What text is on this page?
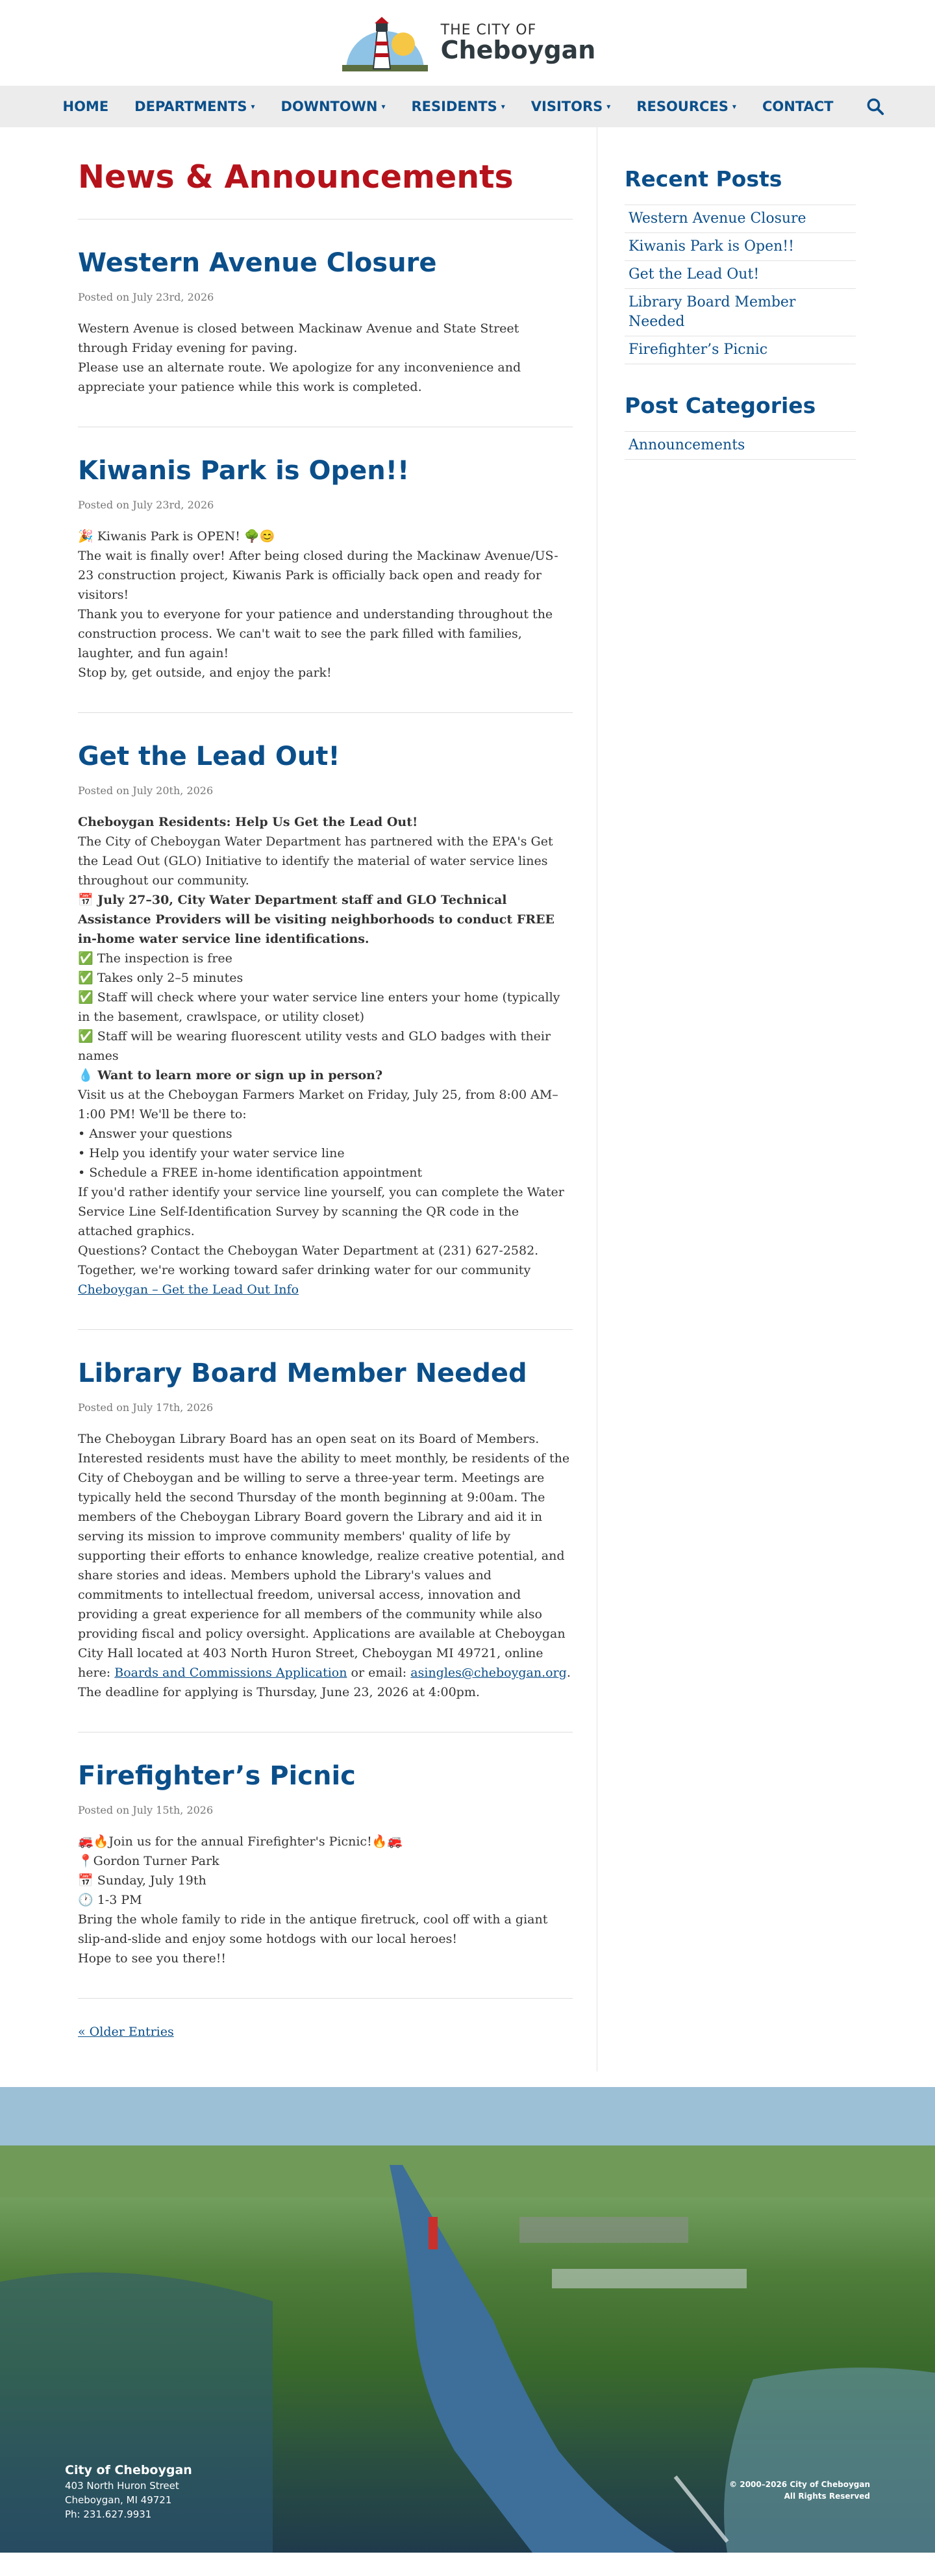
THE CITY OF
Cheboygan
HOME DEPARTMENTS ▾ DOWNTOWN ▾ RESIDENTS ▾ VISITORS ▾ RESOURCES ▾ CONTACT
News & Announcements
Western Avenue Closure
Posted on July 23rd, 2026

Western Avenue is closed between Mackinaw Avenue and State Street through Friday evening for paving.

Please use an alternate route. We apologize for any inconvenience and appreciate your patience while this work is completed.

Kiwanis Park is Open!!
Posted on July 23rd, 2026

🎉 Kiwanis Park is OPEN! 🌳😊

The wait is finally over! After being closed during the Mackinaw Avenue/US-23 construction project, Kiwanis Park is officially back open and ready for visitors!

Thank you to everyone for your patience and understanding throughout the construction process. We can't wait to see the park filled with families, laughter, and fun again!

Stop by, get outside, and enjoy the park!

Get the Lead Out!
Posted on July 20th, 2026

Cheboygan Residents: Help Us Get the Lead Out!

The City of Cheboygan Water Department has partnered with the EPA's Get the Lead Out (GLO) Initiative to identify the material of water service lines throughout our community.

📅 July 27–30, City Water Department staff and GLO Technical Assistance Providers will be visiting neighborhoods to conduct FREE in-home water service line identifications.

✅ The inspection is free

✅ Takes only 2–5 minutes

✅ Staff will check where your water service line enters your home (typically in the basement, crawlspace, or utility closet)

✅ Staff will be wearing fluorescent utility vests and GLO badges with their names

💧 Want to learn more or sign up in person?

Visit us at the Cheboygan Farmers Market on Friday, July 25, from 8:00 AM–1:00 PM! We'll be there to:

• Answer your questions

• Help you identify your water service line

• Schedule a FREE in-home identification appointment

If you'd rather identify your service line yourself, you can complete the Water Service Line Self-Identification Survey by scanning the QR code in the attached graphics.

Questions? Contact the Cheboygan Water Department at (231) 627-2582.

Together, we're working toward safer drinking water for our community

Cheboygan – Get the Lead Out Info

Library Board Member Needed
Posted on July 17th, 2026

The Cheboygan Library Board has an open seat on its Board of Members. Interested residents must have the ability to meet monthly, be residents of the City of Cheboygan and be willing to serve a three-year term. Meetings are typically held the second Thursday of the month beginning at 9:00am. The members of the Cheboygan Library Board govern the Library and aid it in serving its mission to improve community members' quality of life by supporting their efforts to enhance knowledge, realize creative potential, and share stories and ideas. Members uphold the Library's values and commitments to intellectual freedom, universal access, innovation and providing a great experience for all members of the community while also providing fiscal and policy oversight. Applications are available at Cheboygan City Hall located at 403 North Huron Street, Cheboygan MI 49721, online here: Boards and Commissions Application or email: asingles@cheboygan.org. The deadline for applying is Thursday, June 23, 2026 at 4:00pm.

Firefighter’s Picnic
Posted on July 15th, 2026

🚒🔥Join us for the annual Firefighter's Picnic!🔥🚒

📍Gordon Turner Park

📅 Sunday, July 19th

🕐 1-3 PM

Bring the whole family to ride in the antique firetruck, cool off with a giant slip-and-slide and enjoy some hotdogs with our local heroes!

Hope to see you there!!

« Older Entries
Recent Posts
Western Avenue Closure
Kiwanis Park is Open!!
Get the Lead Out!
Library Board Member Needed
Firefighter’s Picnic
Post Categories
Announcements
City of Cheboygan
403 North Huron Street
Cheboygan, MI 49721
Ph: 231.627.9931
© 2000–2026 City of Cheboygan
All Rights Reserved
